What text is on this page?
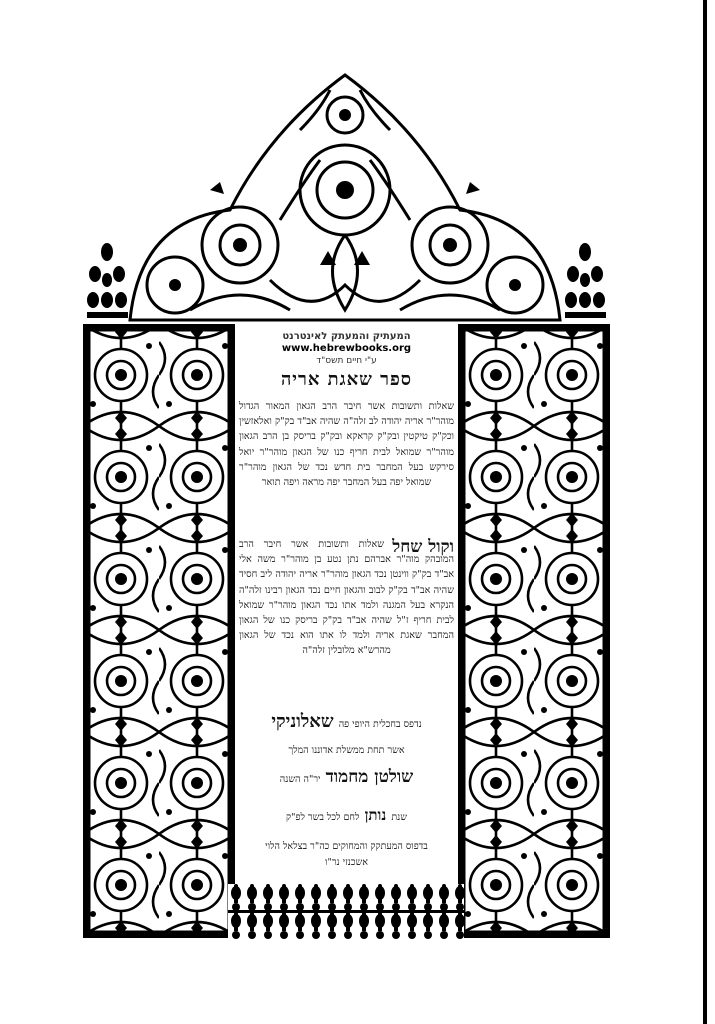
המעתיק והמעתק לאינטרנט
www.hebrewbooks.org
ע"י חיים תשס"ד
ספר שאגת אריה
שאלות ותשובות אשר חיבר הרב הגאון המאור הגדול מוהר"ר אריה יהודה לב זלה"ה שהיה אב"ד בק"ק ואלאזשין וכק"ק טיקטין ובק"ק קראקא ובק"ק בריסק בן הרב הגאון מוהר"ר שמואל לבית חריף כנו של הגאון מוהר"ר יואל סירקש בעל המחבר בית חדש נכד של הגאון מוהר"ר שמואל יפה בעל המחבר יפה מראה ויפה תואר
וקול שחל
שאלות ותשובות אשר חיבר הרב המובהק מוה"ר אברהם נתן נטע בן מוהר"ר משה אלי אב"ד בק"ק ווינטן נכד הגאון מוהר"ר אריה יהודה ליב חסיד שהיה אב"ד בק"ק לבוב והגאון חיים נכד הגאון רבינו זלה"ה הנקרא בעל המגנה ולמד אתו נכד הגאון מוהר"ר שמואל לבית חריף ז"ל שהיה אב"ד בק"ק בריסק כנו של הגאון המחבר שאגת אריה ולמד לו אתו הוא נכד של הגאון מהרש"א מלובלין זלה"ה
נדפס בחכלית היופי פה שאלוניקי
אשר תחת ממשלת אדוננו המלך
שולטן מחמוד יר"ה השנה
שנת נותן לחם לכל בשר לפ"ק
בדפוס המעתקק והמחוקים כה"ר בצלאל הלוי
אשכנזי נר"ו
